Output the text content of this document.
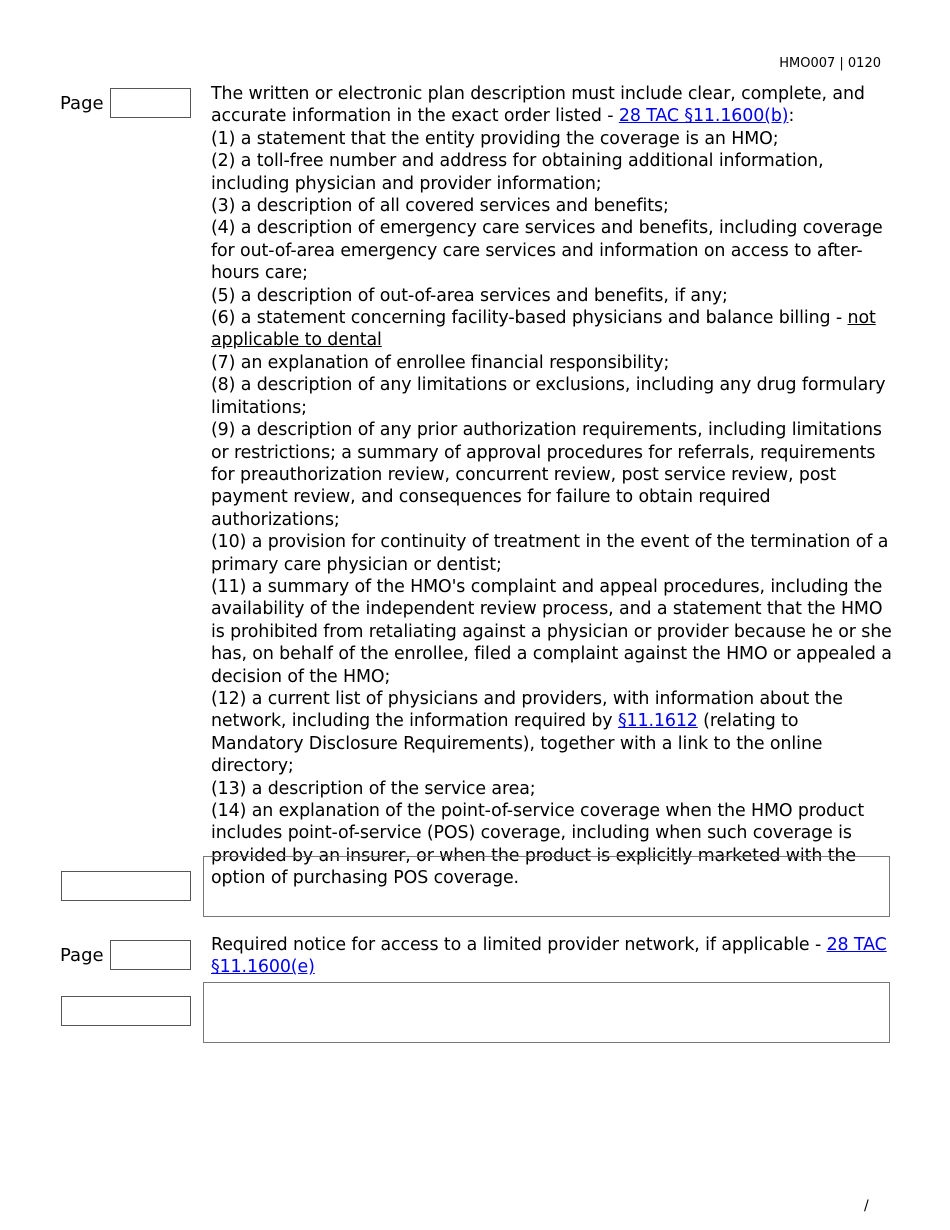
HMO007 | 0120
Page	The written or electronic plan description must include clear, complete, and accurate information in the exact order listed - 28 TAC §11.1600(b):

(1) a statement that the entity providing the coverage is an HMO;

(2) a toll-free number and address for obtaining additional information, including physician and provider information;

(3) a description of all covered services and benefits;

(4) a description of emergency care services and benefits, including coverage for out-of-area emergency care services and information on access to after-hours care;

(5) a description of out-of-area services and benefits, if any;

(6) a statement concerning facility-based physicians and balance billing - not applicable to dental

(7) an explanation of enrollee financial responsibility;

(8) a description of any limitations or exclusions, including any drug formulary limitations;

(9) a description of any prior authorization requirements, including limitations or restrictions; a summary of approval procedures for referrals, requirements for preauthorization review, concurrent review, post service review, post payment review, and consequences for failure to obtain required authorizations;

(10) a provision for continuity of treatment in the event of the termination of a primary care physician or dentist;

(11) a summary of the HMO's complaint and appeal procedures, including the availability of the independent review process, and a statement that the HMO is prohibited from retaliating against a physician or provider because he or she has, on behalf of the enrollee, filed a complaint against the HMO or appealed a decision of the HMO;

(12) a current list of physicians and providers, with information about the network, including the information required by §11.1612 (relating to Mandatory Disclosure Requirements), together with a link to the online directory;

(13) a description of the service area;

(14) an explanation of the point-of-service coverage when the HMO product includes point-of-service (POS) coverage, including when such coverage is provided by an insurer, or when the product is explicitly marketed with the option of purchasing POS coverage.

Page	Required notice for access to a limited provider network, if applicable - 28 TAC §11.1600(e)

/
